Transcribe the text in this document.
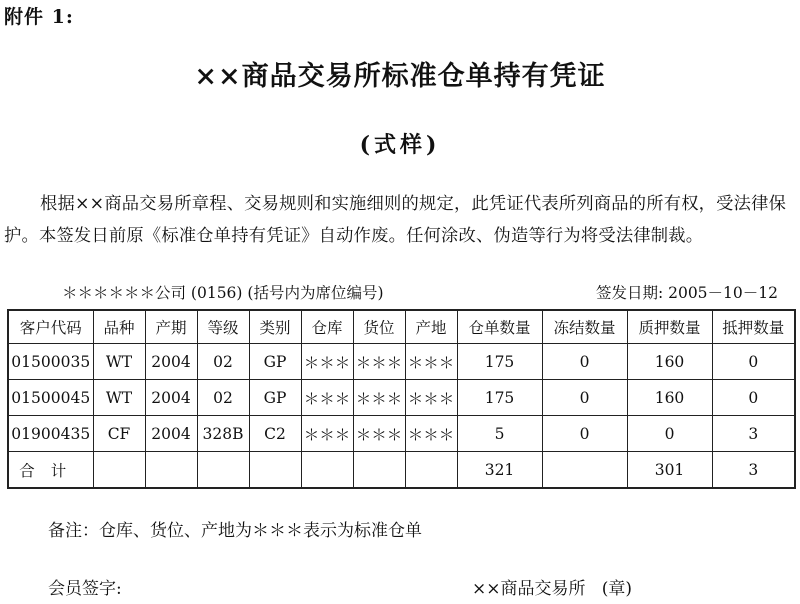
附件 1:
××商品交易所标准仓单持有凭证
(式样)

根据××商品交易所章程、交易规则和实施细则的规定，此凭证代表所列商品的所有权，受法律保护。本签发日前原《标准仓单持有凭证》自动作废。任何涂改、伪造等行为将受法律制裁。

＊＊＊＊＊＊公司 (0156) (括号内为席位编号)	签发日期: 2005－10－12
客户代码	品种	产期	等级	类别	仓库	货位	产地	仓单数量	冻结数量	质押数量	抵押数量
01500035	WT	2004	02	GP	＊＊＊	＊＊＊	＊＊＊	175	0	160	0
01500045	WT	2004	02	GP	＊＊＊	＊＊＊	＊＊＊	175	0	160	0
01900435	CF	2004	328B	C2	＊＊＊	＊＊＊	＊＊＊	5	0	0	3
合计								321		301	3
备注：仓库、货位、产地为＊＊＊表示为标准仓单
会员签字:	××商品交易所   (章)
